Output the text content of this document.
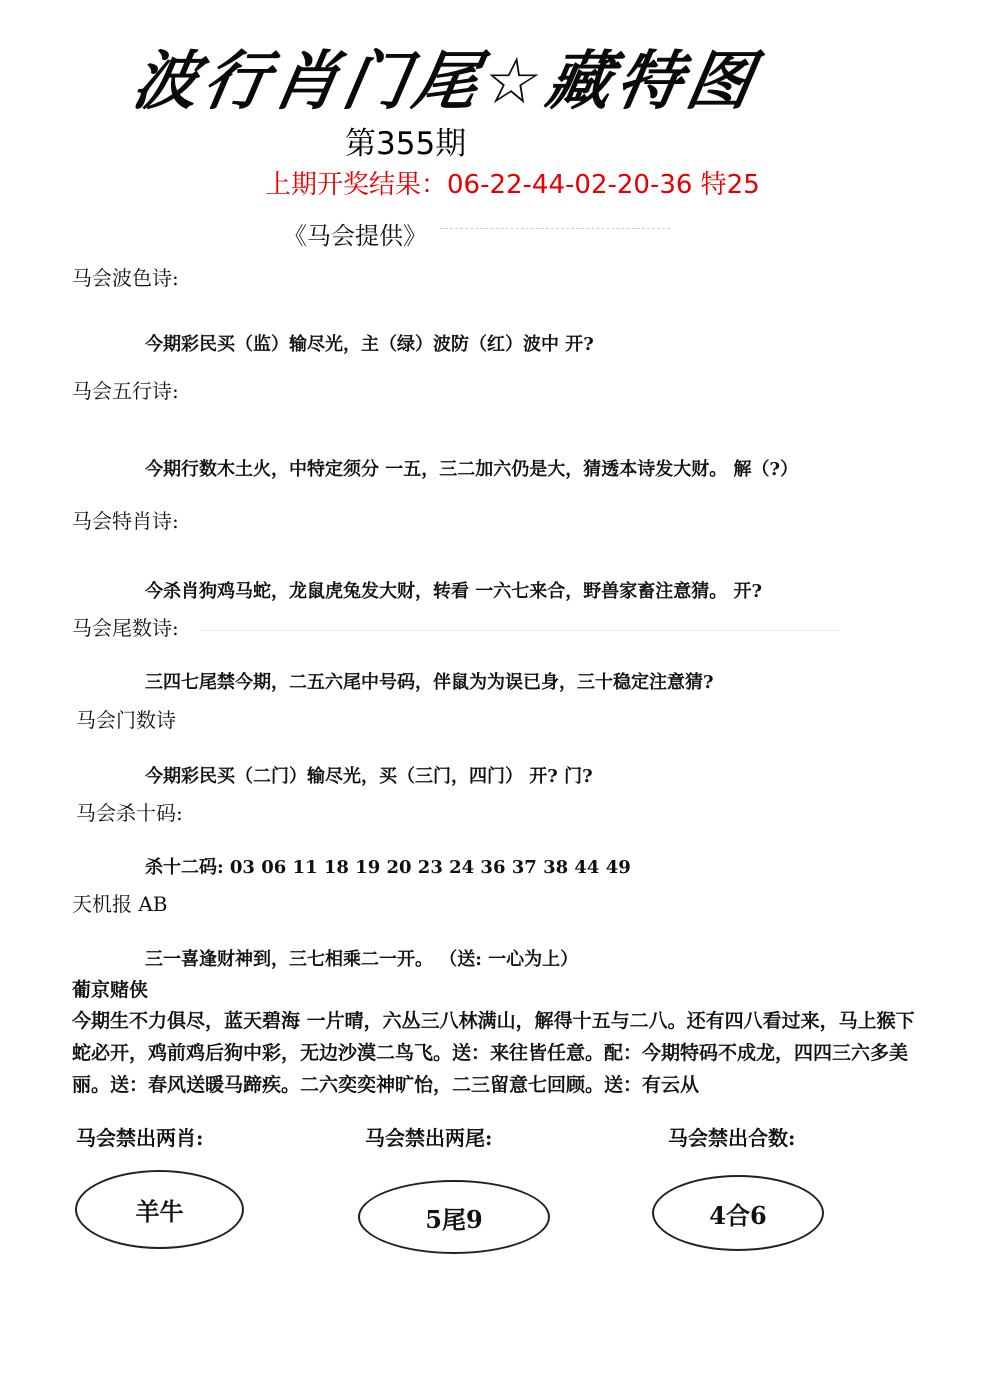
波行肖门尾☆藏特图
第355期
上期开奖结果：06-22-44-02-20-36 特25
《马会提供》
马会波色诗:
今期彩民买（监）输尽光，主（绿）波防（红）波中 开?
马会五行诗:
今期行数木土火，中特定须分 一五，三二加六仍是大，猜透本诗发大财。 解（?）
马会特肖诗:
今杀肖狗鸡马蛇，龙鼠虎兔发大财，转看 一六七来合，野兽家畜注意猜。 开?
马会尾数诗:
三四七尾禁今期，二五六尾中号码，伴鼠为为误已身，三十稳定注意猜?
马会门数诗
今期彩民买（二门）输尽光，买（三门，四门） 开? 门?
马会杀十码:
杀十二码: 03 06 11 18 19 20 23 24 36 37 38 44 49
天机报 AB
三一喜逢财神到，三七相乘二一开。 （送: 一心为上）
葡京赌侠
今期生不力俱尽，蓝天碧海 一片晴，六丛三八林满山，解得十五与二八。还有四八看过来，马上猴下蛇必开，鸡前鸡后狗中彩，无边沙漠二鸟飞。送：来往皆任意。配：今期特码不成龙，四四三六多美丽。送：春风送暖马蹄疾。二六奕奕神旷怡，二三留意七回顾。送：有云从
马会禁出两肖:	马会禁出两尾:	马会禁出合数:
羊牛	5尾9	4合6
